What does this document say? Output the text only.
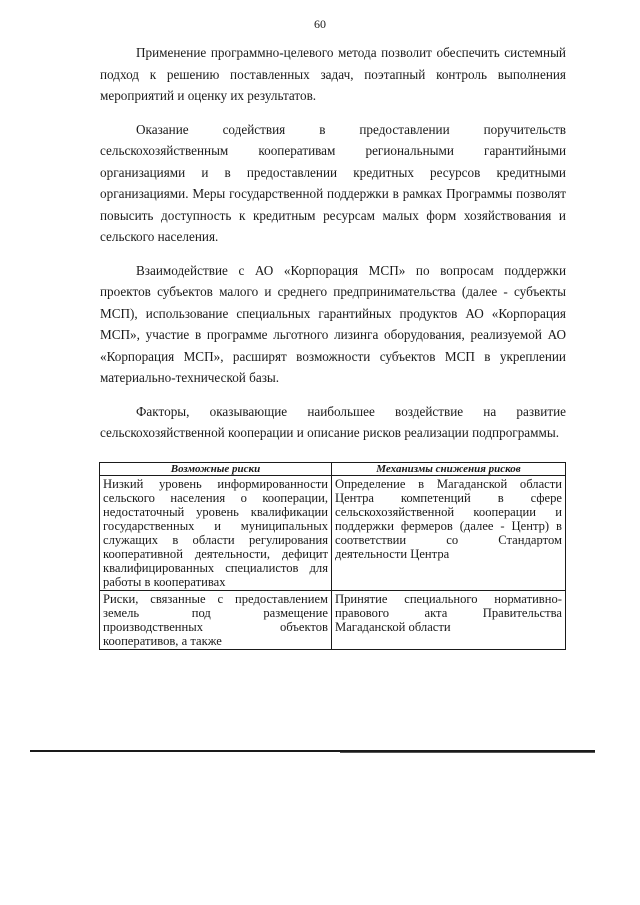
60

Применение программно-целевого метода позволит обеспечить системный подход к решению поставленных задач, поэтапный контроль выполнения мероприятий и оценку их результатов.

Оказание содействия в предоставлении поручительств сельскохозяйственным кооперативам региональными гарантийными организациями и в предоставлении кредитных ресурсов кредитными организациями. Меры государственной поддержки в рамках Программы позволят повысить доступность к кредитным ресурсам малых форм хозяйствования и сельского населения.

Взаимодействие с АО «Корпорация МСП» по вопросам поддержки проектов субъектов малого и среднего предпринимательства (далее - субъекты МСП), использование специальных гарантийных продуктов АО «Корпорация МСП», участие в программе льготного лизинга оборудования, реализуемой АО «Корпорация МСП», расширят возможности субъектов МСП в укреплении материально-технической базы.

Факторы, оказывающие наибольшее воздействие на развитие сельскохозяйственной кооперации и описание рисков реализации подпрограммы.

Возможные риски	Механизмы снижения рисков
Низкий уровень информированности сельского населения о кооперации, недостаточный уровень квалификации государственных и муниципальных служащих в области регулирования кооперативной деятельности, дефицит квалифицированных специалистов для работы в кооперативах	Определение в Магаданской области Центра компетенций в сфере сельскохозяйственной кооперации и поддержки фермеров (далее - Центр) в соответствии со Стандартом деятельности Центра
Риски, связанные с предоставлением земель под размещение производственных объектов кооперативов, а также	Принятие специального нормативно-правового акта Правительства Магаданской области
